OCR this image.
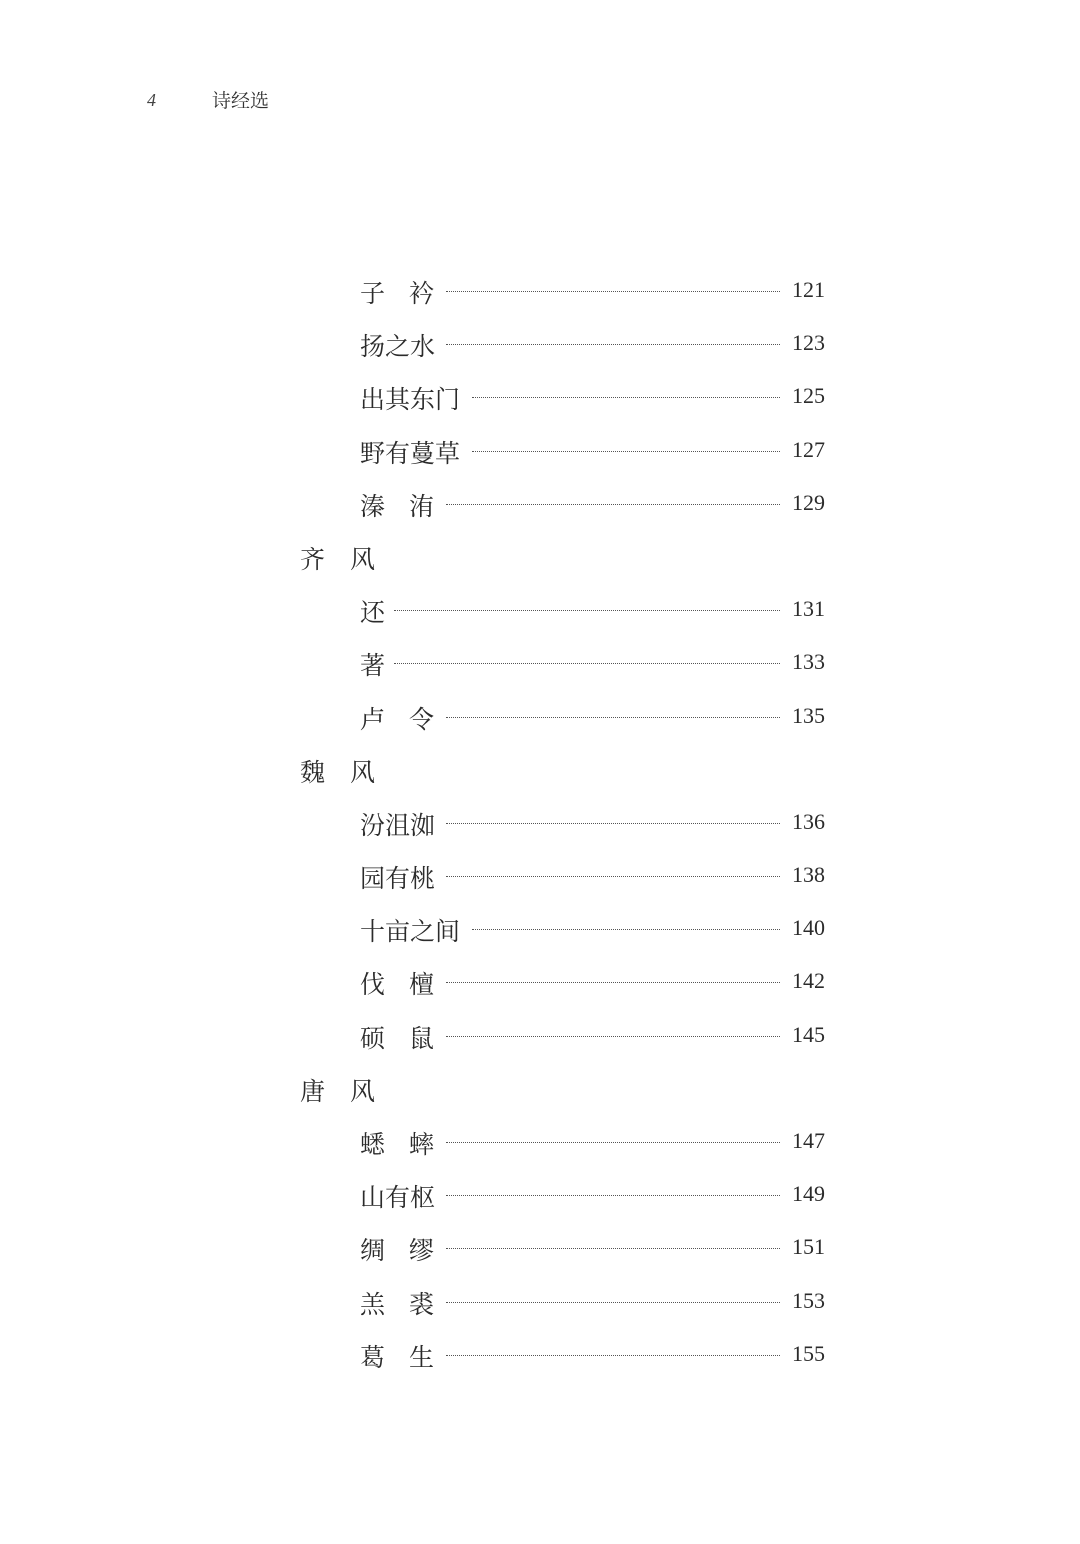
4	诗经选
子衿	121
扬之水	123
出其东门	125
野有蔓草	127
溱洧	129
齐风
还	131
著	133
卢令	135
魏风
汾沮洳	136
园有桃	138
十亩之间	140
伐檀	142
硕鼠	145
唐风
蟋蟀	147
山有枢	149
绸缪	151
羔裘	153
葛生	155
